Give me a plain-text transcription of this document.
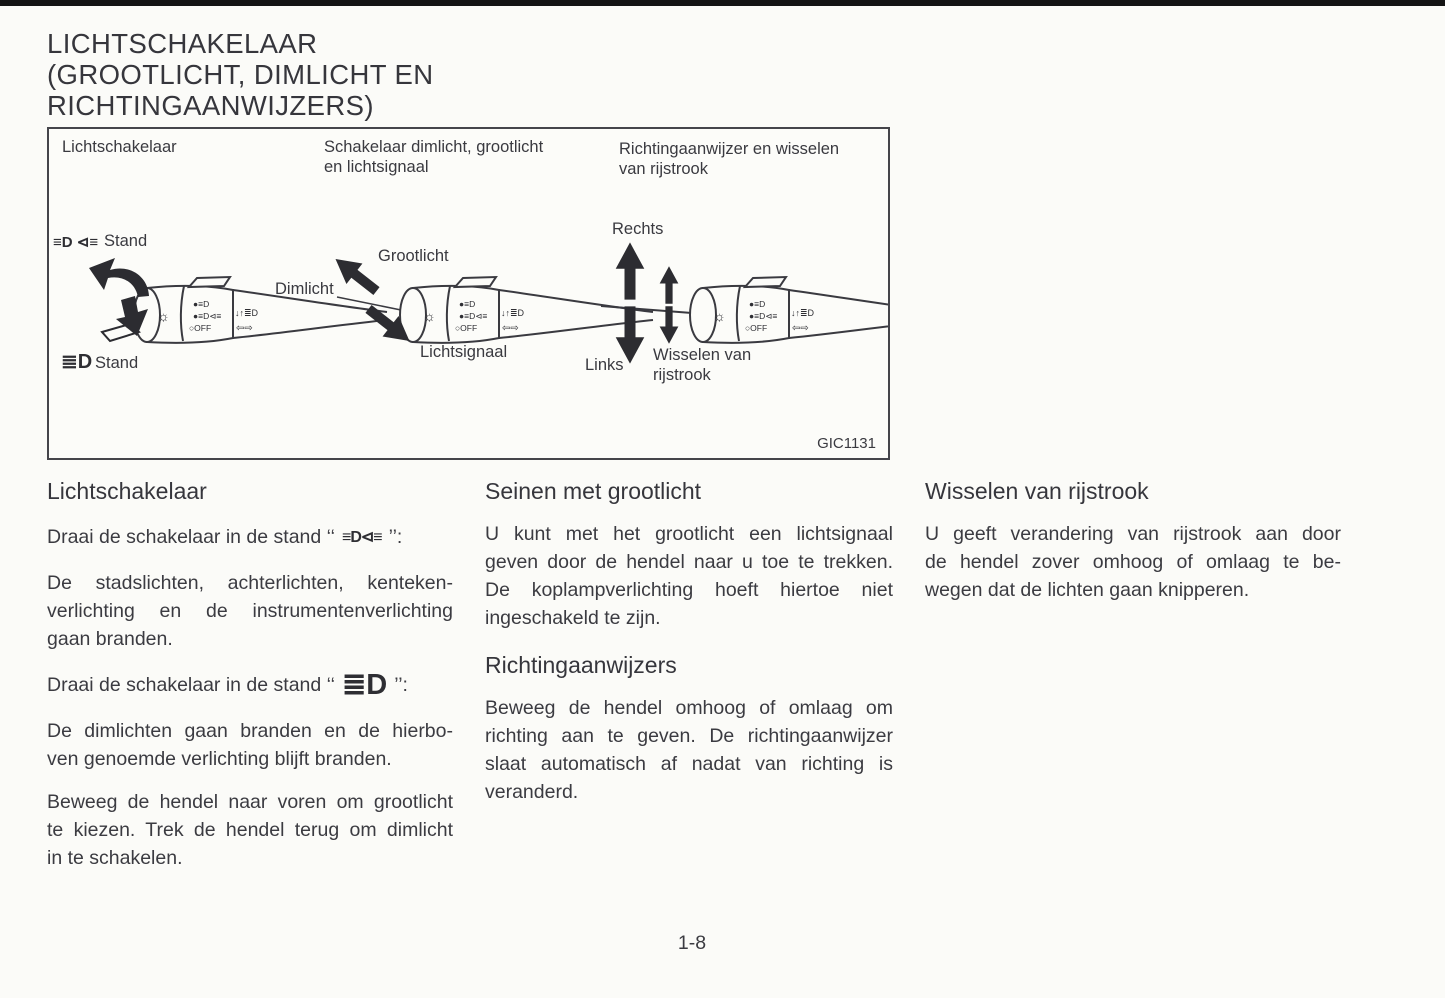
LICHTSCHAKELAAR
(GROOTLICHT, DIMLICHT EN
RICHTINGAANWIJZERS)
☼
●≡D
●≡D⊲≡
○OFF
↓↑≣D
⇦⇨
☼
●≡D
●≡D⊲≡
○OFF
↓↑≣D
⇦⇨
☼
●≡D
●≡D⊲≡
○OFF
↓↑≣D
⇦⇨
Lichtschakelaar	Schakelaar dimlicht, grootlicht
en lichtsignaal
Richtingaanwijzer en wisselen
van rijstrook
≡D ⊲≡ Stand
≣D Stand
Dimlicht
Grootlicht
Lichtsignaal
Rechts
Links
Wisselen van
rijstrook
GIC1131
Lichtschakelaar
Draai de schakelaar in de stand ‘‘ ≡D⊲≡ ’’:
De stadslichten, achterlichten, kenteken-
verlichting en de instrumentenverlichting
gaan branden.
Draai de schakelaar in de stand ‘‘ ≣D ’’:
De dimlichten gaan branden en de hierbo-
ven genoemde verlichting blijft branden.
Beweeg de hendel naar voren om grootlicht
te kiezen. Trek de hendel terug om dimlicht
in te schakelen.
Seinen met grootlicht
U kunt met het grootlicht een lichtsignaal
geven door de hendel naar u toe te trekken.
De koplampverlichting hoeft hiertoe niet
ingeschakeld te zijn.
Richtingaanwijzers
Beweeg de hendel omhoog of omlaag om
richting aan te geven. De richtingaanwijzer
slaat automatisch af nadat van richting is
veranderd.
Wisselen van rijstrook
U geeft verandering van rijstrook aan door
de hendel zover omhoog of omlaag te be-
wegen dat de lichten gaan knipperen.
1-8
